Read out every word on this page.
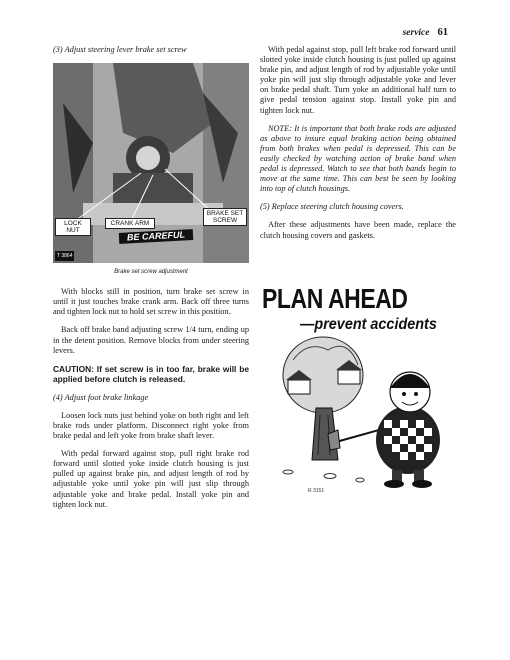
service 61

(3) Adjust steering lever brake set screw

LOCK NUT
CRANK ARM
BRAKE SET SCREW
BE CAREFUL
T 3864
Brake set screw adjustment

With blocks still in position, turn brake set screw in until it just touches brake crank arm. Back off three turns and tighten lock nut to hold set screw in this position.

Back off brake band adjusting screw 1/4 turn, ending up in the detent position. Remove blocks from under steering levers.

CAUTION: If set screw is in too far, brake will be applied before clutch is released.

(4) Adjust foot brake linkage

Loosen lock nuts just behind yoke on both right and left brake rods under platform. Disconnect right yoke from brake pedal and left yoke from brake shaft lever.

With pedal forward against stop, pull right brake rod forward until slotted yoke inside clutch housing is just pulled up against brake pin, and adjust length of rod by adjustable yoke until yoke pin will just slip through adjustable yoke and brake pedal. Install yoke pin and tighten lock nut.

With pedal against stop, pull left brake rod forward until slotted yoke inside clutch housing is just pulled up against brake pin, and adjust length of rod by adjustable yoke until yoke pin will just slip through adjustable yoke and lever on brake pedal shaft. Turn yoke an additional half turn to give pedal tension against stop. Install yoke pin and tighten lock nut.

NOTE: It is important that both brake rods are adjusted as above to insure equal braking action being obtained from both brakes when pedal is depressed. This can be easily checked by watching action of brake band when pedal is depressed. Watch to see that both bands begin to move at the same time. This can best be seen by looking into top of clutch housings.

(5) Replace steering clutch housing covers.

After these adjustments have been made, replace the clutch housing covers and gaskets.

PLAN AHEAD
—prevent accidents
R 3151
